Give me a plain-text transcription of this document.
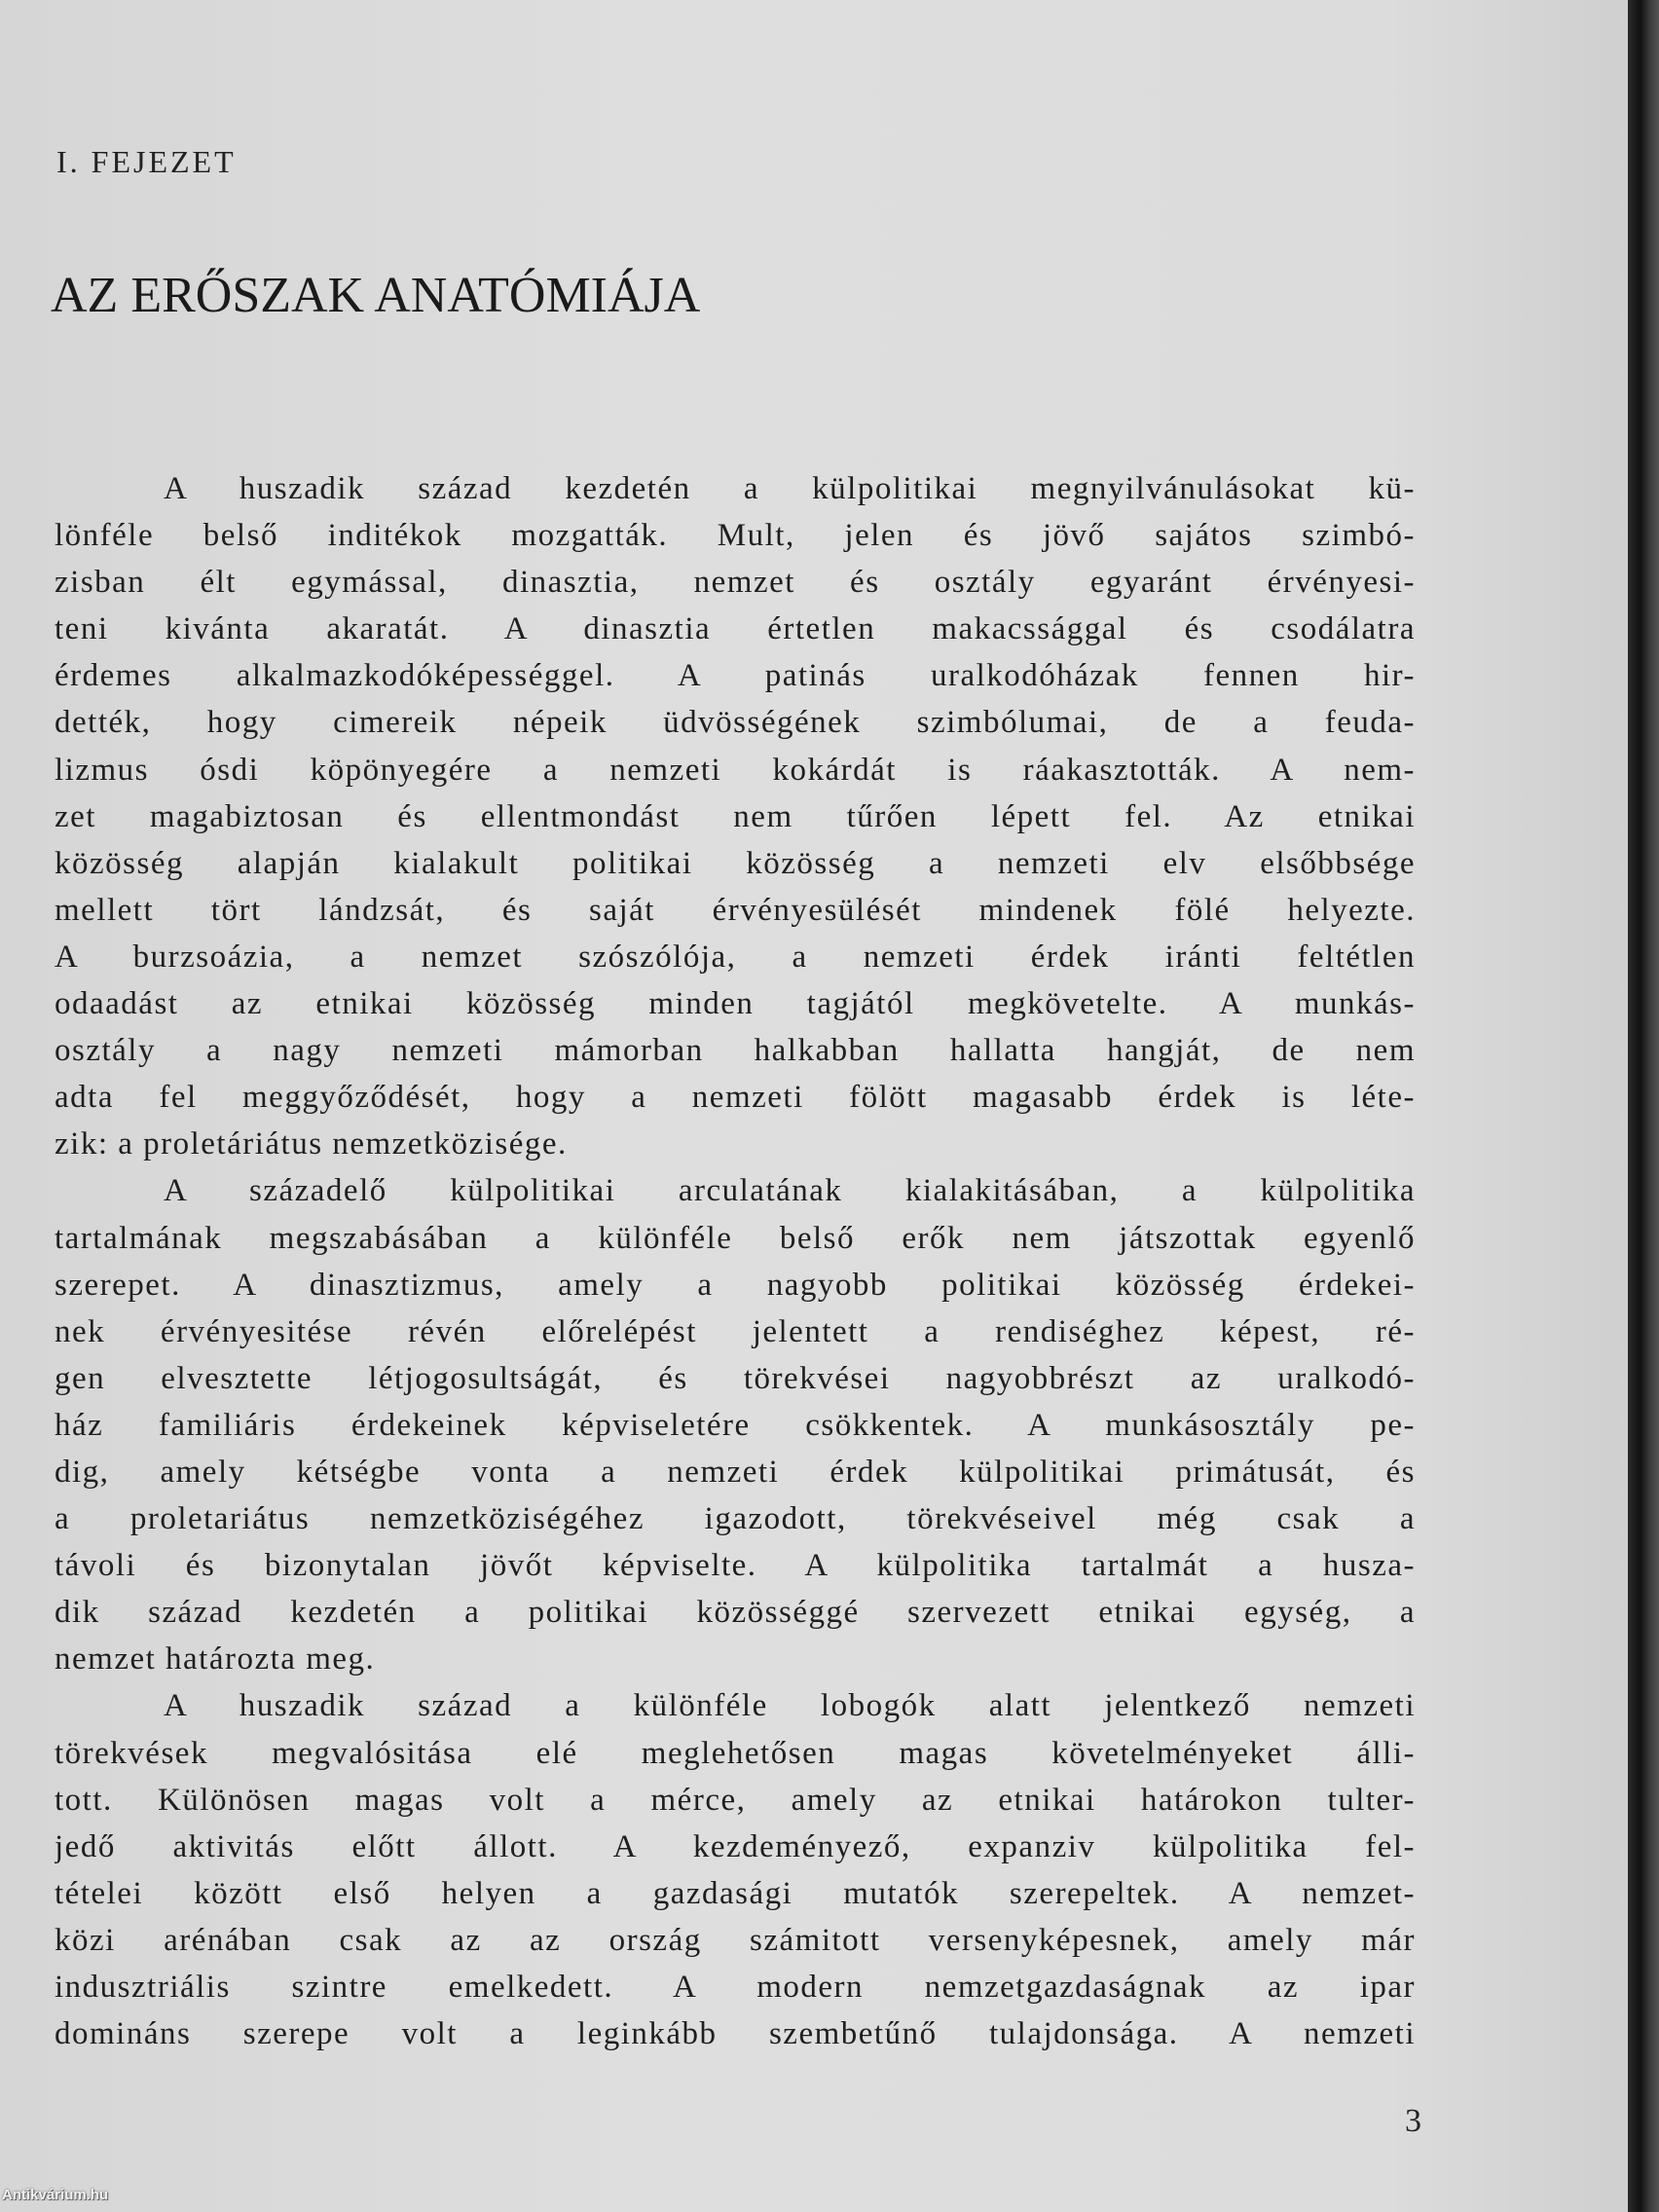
I. FEJEZET
AZ ERŐSZAK ANATÓMIÁJA
A huszadik század kezdetén a külpolitikai megnyilvánulásokat kü-
lönféle belső inditékok mozgatták. Mult, jelen és jövő sajátos szimbó-
zisban élt egymással, dinasztia, nemzet és osztály egyaránt érvényesi-
teni kivánta akaratát. A dinasztia értetlen makacssággal és csodálatra
érdemes alkalmazkodóképességgel. A patinás uralkodóházak fennen hir-
dették, hogy cimereik népeik üdvösségének szimbólumai, de a feuda-
lizmus ósdi köpönyegére a nemzeti kokárdát is ráakasztották. A nem-
zet magabiztosan és ellentmondást nem tűrően lépett fel. Az etnikai
közösség alapján kialakult politikai közösség a nemzeti elv elsőbbsége
mellett tört lándzsát, és saját érvényesülését mindenek fölé helyezte.
A burzsoázia, a nemzet szószólója, a nemzeti érdek iránti feltétlen
odaadást az etnikai közösség minden tagjától megkövetelte. A munkás-
osztály a nagy nemzeti mámorban halkabban hallatta hangját, de nem
adta fel meggyőződését, hogy a nemzeti fölött magasabb érdek is léte-
zik: a proletáriátus nemzetközisége.
A századelő külpolitikai arculatának kialakitásában, a külpolitika
tartalmának megszabásában a különféle belső erők nem játszottak egyenlő
szerepet. A dinasztizmus, amely a nagyobb politikai közösség érdekei-
nek érvényesitése révén előrelépést jelentett a rendiséghez képest, ré-
gen elvesztette létjogosultságát, és törekvései nagyobbrészt az uralkodó-
ház familiáris érdekeinek képviseletére csökkentek. A munkásosztály pe-
dig, amely kétségbe vonta a nemzeti érdek külpolitikai primátusát, és
a proletariátus nemzetköziségéhez igazodott, törekvéseivel még csak a
távoli és bizonytalan jövőt képviselte. A külpolitika tartalmát a husza-
dik század kezdetén a politikai közösséggé szervezett etnikai egység, a
nemzet határozta meg.
A huszadik század a különféle lobogók alatt jelentkező nemzeti
törekvések megvalósitása elé meglehetősen magas követelményeket álli-
tott. Különösen magas volt a mérce, amely az etnikai határokon tulter-
jedő aktivitás előtt állott. A kezdeményező, expanziv külpolitika fel-
tételei között első helyen a gazdasági mutatók szerepeltek. A nemzet-
közi arénában csak az az ország számitott versenyképesnek, amely már
indusztriális szintre emelkedett. A modern nemzetgazdaságnak az ipar
domináns szerepe volt a leginkább szembetűnő tulajdonsága. A nemzeti
3
Antikvárium.hu
